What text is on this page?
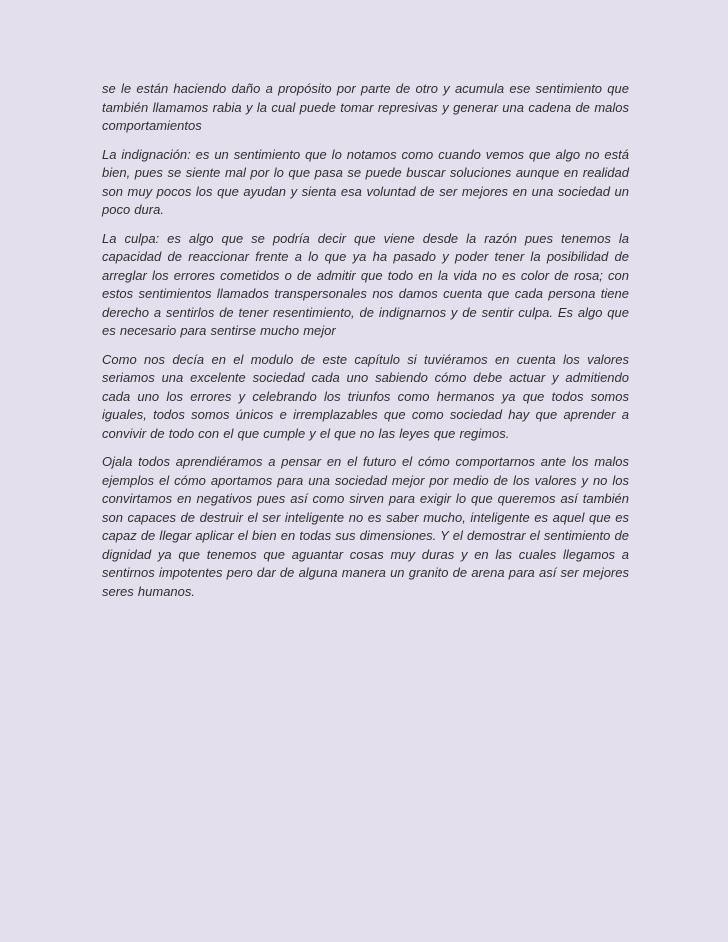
se le están haciendo daño a propósito por parte de otro y acumula ese sentimiento que también llamamos rabia y la cual puede tomar represivas y generar una cadena de malos comportamientos

La indignación: es un sentimiento que lo notamos como cuando vemos que algo no está bien, pues se siente mal por lo que pasa se puede buscar soluciones aunque en realidad son muy pocos los que ayudan y sienta esa voluntad de ser mejores en una sociedad un poco dura.

La culpa: es algo que se podría decir que viene desde la razón pues tenemos la capacidad de reaccionar frente a lo que ya ha pasado y poder tener la posibilidad de arreglar los errores cometidos o de admitir que todo en la vida no es color de rosa; con estos sentimientos llamados transpersonales nos damos cuenta que cada persona tiene derecho a sentirlos de tener resentimiento, de indignarnos y de sentir culpa. Es algo que es necesario para sentirse mucho mejor

Como nos decía en el modulo de este capítulo si tuviéramos en cuenta los valores seriamos una excelente sociedad cada uno sabiendo cómo debe actuar y admitiendo cada uno los errores y celebrando los triunfos como hermanos ya que todos somos iguales, todos somos únicos e irremplazables que como sociedad hay que aprender a convivir de todo con el que cumple y el que no las leyes que regimos.

Ojala todos aprendiéramos a pensar en el futuro el cómo comportarnos ante los malos ejemplos el cómo aportamos para una sociedad mejor por medio de los valores y no los convirtamos en negativos pues así como sirven para exigir lo que queremos así también son capaces de destruir el ser inteligente no es saber mucho, inteligente es aquel que es capaz de llegar aplicar el bien en todas sus dimensiones. Y el demostrar el sentimiento de dignidad ya que tenemos que aguantar cosas muy duras y en las cuales llegamos a sentirnos impotentes pero dar de alguna manera un granito de arena para así ser mejores seres humanos.
